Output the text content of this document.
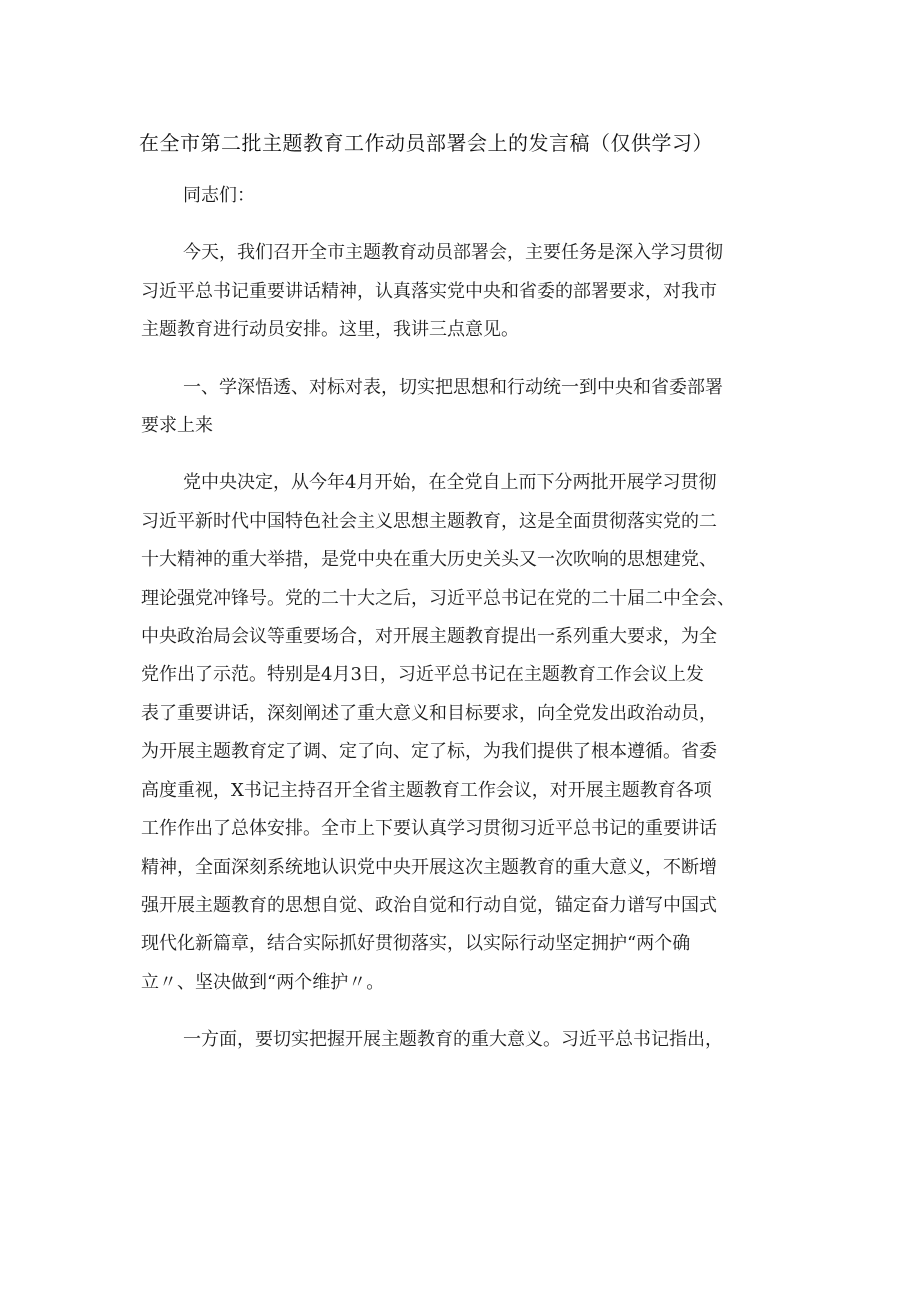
在全市第二批主题教育工作动员部署会上的发言稿（仅供学习）

同志们：

今天，我们召开全市主题教育动员部署会，主要任务是深入学习贯彻
习近平总书记重要讲话精神，认真落实党中央和省委的部署要求，对我市
主题教育进行动员安排。这里，我讲三点意见。

一、学深悟透、对标对表，切实把思想和行动统一到中央和省委部署
要求上来

党中央决定，从今年4月开始，在全党自上而下分两批开展学习贯彻
习近平新时代中国特色社会主义思想主题教育，这是全面贯彻落实党的二
十大精神的重大举措，是党中央在重大历史关头又一次吹响的思想建党、
理论强党冲锋号。党的二十大之后，习近平总书记在党的二十届二中全会、
中央政治局会议等重要场合，对开展主题教育提出一系列重大要求，为全
党作出了示范。特别是4月3日，习近平总书记在主题教育工作会议上发
表了重要讲话，深刻阐述了重大意义和目标要求，向全党发出政治动员，
为开展主题教育定了调、定了向、定了标，为我们提供了根本遵循。省委
高度重视，X书记主持召开全省主题教育工作会议，对开展主题教育各项
工作作出了总体安排。全市上下要认真学习贯彻习近平总书记的重要讲话
精神，全面深刻系统地认识党中央开展这次主题教育的重大意义，不断增
强开展主题教育的思想自觉、政治自觉和行动自觉，锚定奋力谱写中国式
现代化新篇章，结合实际抓好贯彻落实，以实际行动坚定拥护“两个确
立〃、坚决做到“两个维护〃。

一方面，要切实把握开展主题教育的重大意义。习近平总书记指出，
